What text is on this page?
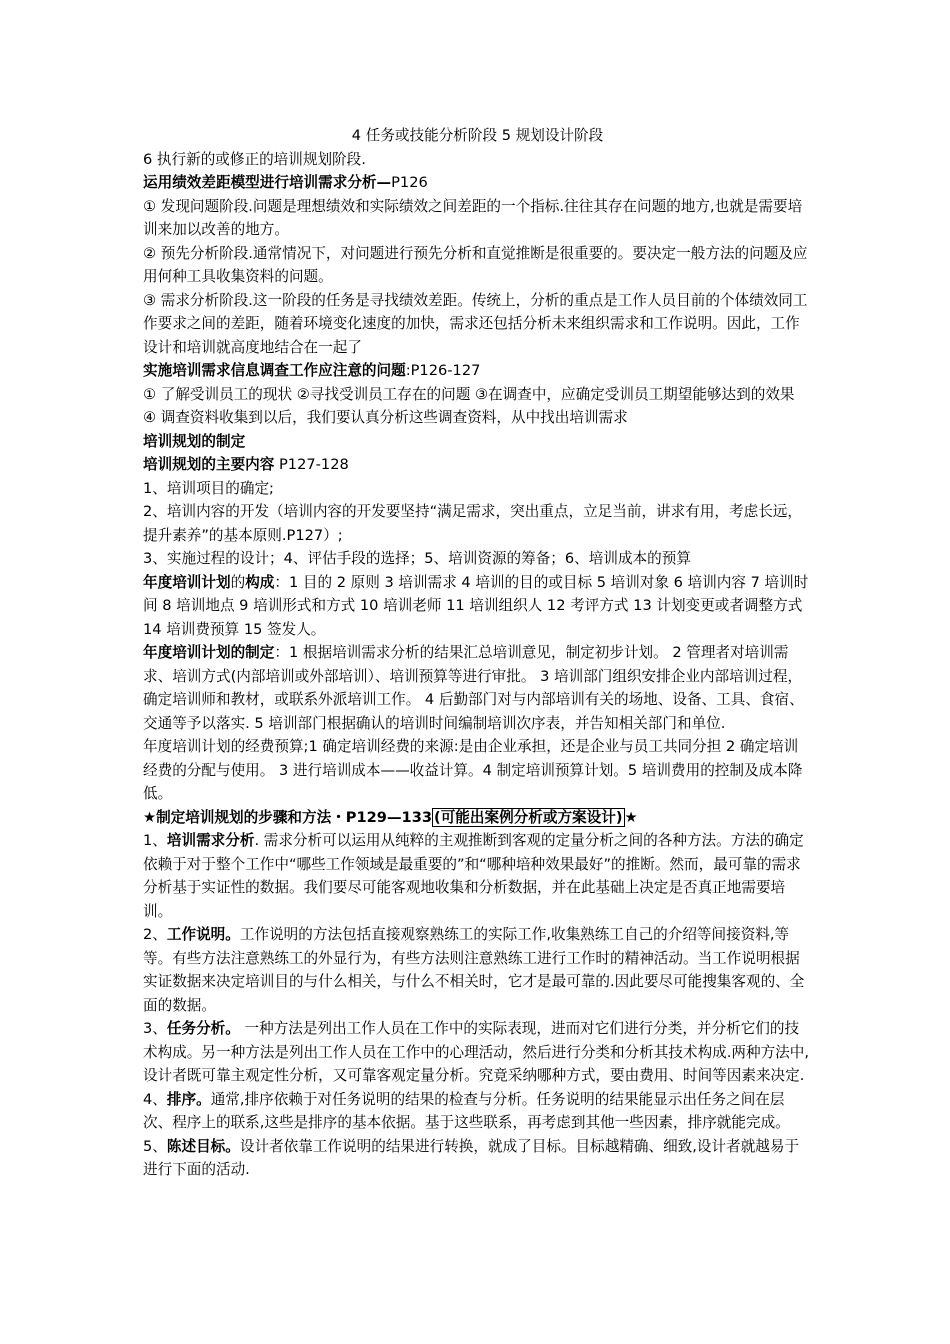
4 任务或技能分析阶段 5 规划设计阶段

6 执行新的或修正的培训规划阶段.

运用绩效差距模型进行培训需求分析—P126

① 发现问题阶段.问题是理想绩效和实际绩效之间差距的一个指标.往往其存在问题的地方,也就是需要培训来加以改善的地方。

② 预先分析阶段.通常情况下，对问题进行预先分析和直觉推断是很重要的。要决定一般方法的问题及应用何种工具收集资料的问题。

③ 需求分析阶段.这一阶段的任务是寻找绩效差距。传统上，分析的重点是工作人员目前的个体绩效同工作要求之间的差距，随着环境变化速度的加快，需求还包括分析未来组织需求和工作说明。因此，工作设计和培训就高度地结合在一起了

实施培训需求信息调查工作应注意的问题:P126-127

① 了解受训员工的现状 ②寻找受训员工存在的问题 ③在调查中，应确定受训员工期望能够达到的效果

④ 调查资料收集到以后，我们要认真分析这些调查资料，从中找出培训需求

培训规划的制定

培训规划的主要内容 P127-128

1、培训项目的确定;

2、培训内容的开发（培训内容的开发要坚持“满足需求，突出重点，立足当前，讲求有用，考虑长远，提升素养”的基本原则.P127）;

3、实施过程的设计；4、评估手段的选择；5、培训资源的筹备；6、培训成本的预算

年度培训计划的构成：1 目的 2 原则 3 培训需求 4 培训的目的或目标 5 培训对象 6 培训内容 7 培训时间 8 培训地点 9 培训形式和方式 10 培训老师 11 培训组织人 12 考评方式 13 计划变更或者调整方式 14 培训费预算 15 签发人。

年度培训计划的制定：1 根据培训需求分析的结果汇总培训意见，制定初步计划。 2 管理者对培训需求、培训方式(内部培训或外部培训）、培训预算等进行审批。 3 培训部门组织安排企业内部培训过程，确定培训师和教材，或联系外派培训工作。 4 后勤部门对与内部培训有关的场地、设备、工具、食宿、交通等予以落实. 5 培训部门根据确认的培训时间编制培训次序表，并告知相关部门和单位.

年度培训计划的经费预算;1 确定培训经费的来源:是由企业承担，还是企业与员工共同分担 2 确定培训经费的分配与使用。 3 进行培训成本——收益计算。4 制定培训预算计划。5 培训费用的控制及成本降低。

★制定培训规划的步骤和方法・P129—133 (可能出案例分析或方案设计) ★

1、培训需求分析. 需求分析可以运用从纯粹的主观推断到客观的定量分析之间的各种方法。方法的确定依赖于对于整个工作中“哪些工作领域是最重要的”和“哪种培种效果最好”的推断。然而，最可靠的需求分析基于实证性的数据。我们要尽可能客观地收集和分析数据，并在此基础上决定是否真正地需要培训。

2、工作说明。工作说明的方法包括直接观察熟练工的实际工作,收集熟练工自己的介绍等间接资料,等等。有些方法注意熟练工的外显行为，有些方法则注意熟练工进行工作时的精神活动。当工作说明根据实证数据来决定培训目的与什么相关，与什么不相关时，它才是最可靠的.因此要尽可能搜集客观的、全面的数据。

3、任务分析。 一种方法是列出工作人员在工作中的实际表现，进而对它们进行分类，并分析它们的技术构成。另一种方法是列出工作人员在工作中的心理活动，然后进行分类和分析其技术构成.两种方法中,设计者既可靠主观定性分析，又可靠客观定量分析。究竟采纳哪种方式，要由费用、时间等因素来决定.

4、排序。通常,排序依赖于对任务说明的结果的检查与分析。任务说明的结果能显示出任务之间在层次、程序上的联系,这些是排序的基本依据。基于这些联系，再考虑到其他一些因素，排序就能完成。

5、陈述目标。设计者依靠工作说明的结果进行转换，就成了目标。目标越精确、细致,设计者就越易于进行下面的活动.
